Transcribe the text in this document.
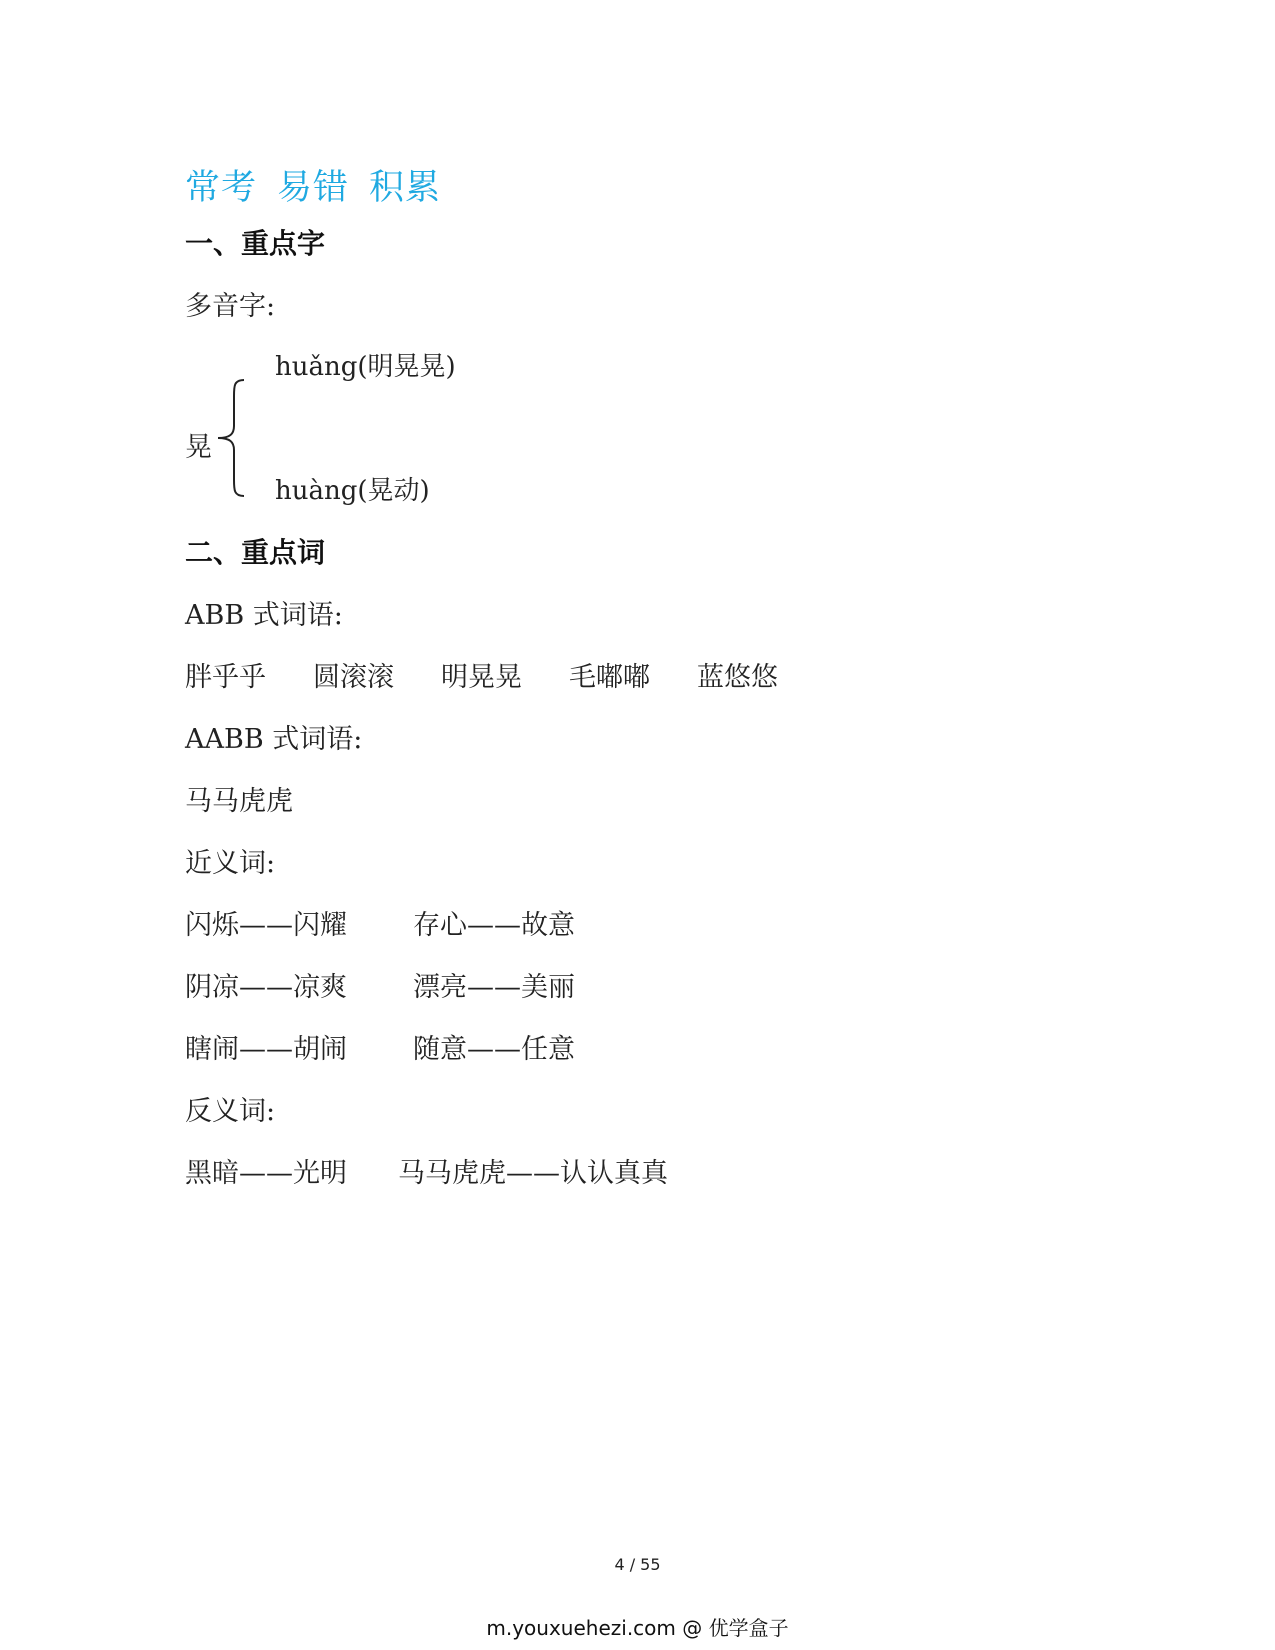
常考 易错 积累
一、重点字
多音字:
晃
huǎng(明晃晃)
huàng(晃动)
二、重点词
ABB 式词语:
胖乎乎 圆滚滚 明晃晃 毛嘟嘟 蓝悠悠
AABB 式词语:
马马虎虎
近义词:
闪烁——闪耀 存心——故意
阴凉——凉爽 漂亮——美丽
瞎闹——胡闹 随意——任意
反义词:
黑暗——光明 马马虎虎——认认真真
4 / 55
m.youxuehezi.com @ 优学盒子
